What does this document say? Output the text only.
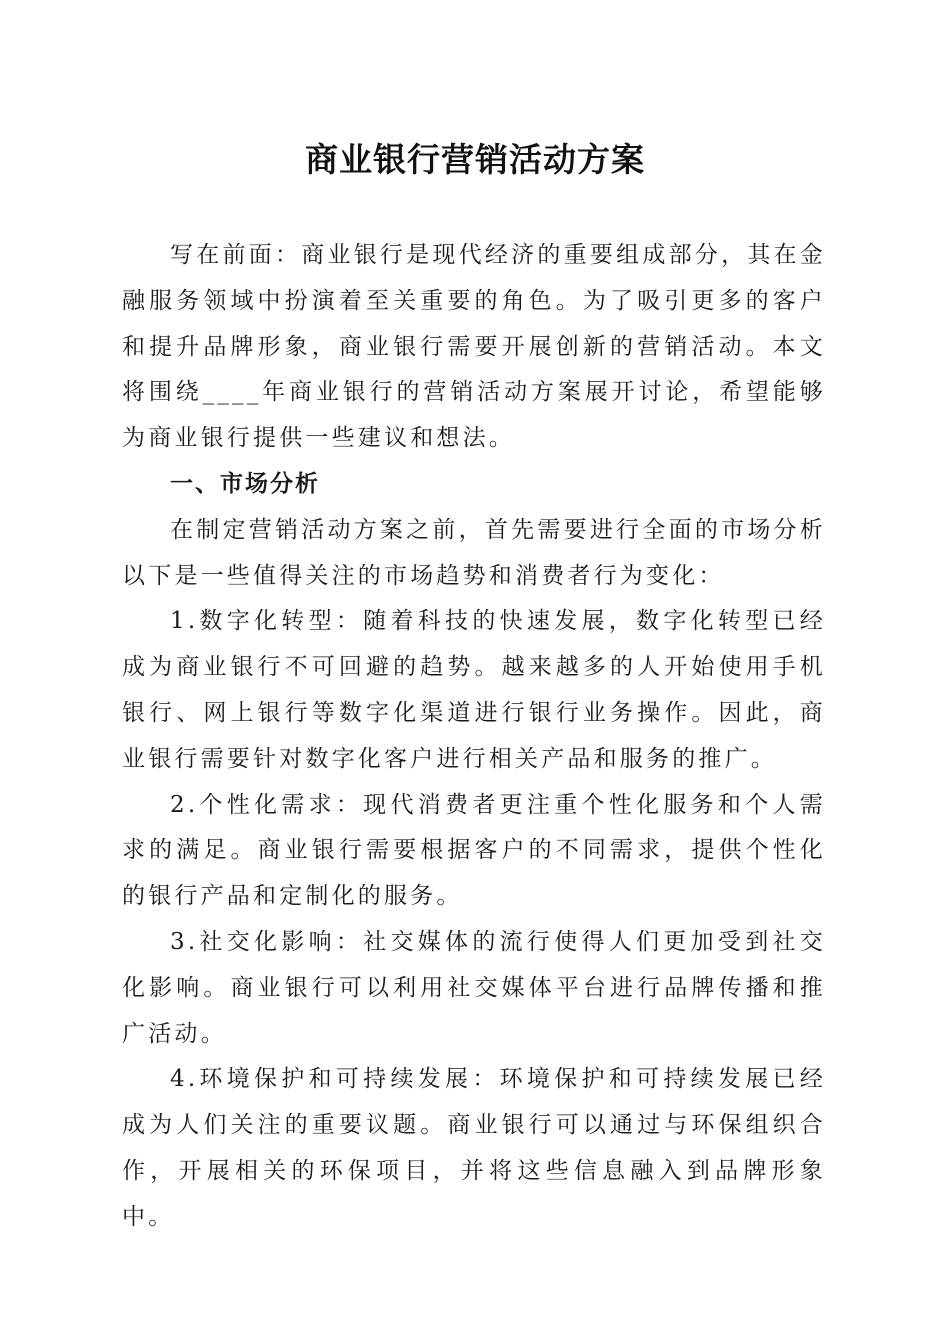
商业银行营销活动方案

写在前面：商业银行是现代经济的重要组成部分，其在金融服务领域中扮演着至关重要的角色。为了吸引更多的客户和提升品牌形象，商业银行需要开展创新的营销活动。本文将围绕____年商业银行的营销活动方案展开讨论，希望能够为商业银行提供一些建议和想法。

一、市场分析

在制定营销活动方案之前，首先需要进行全面的市场分析以下是一些值得关注的市场趋势和消费者行为变化：

1.数字化转型：随着科技的快速发展，数字化转型已经成为商业银行不可回避的趋势。越来越多的人开始使用手机银行、网上银行等数字化渠道进行银行业务操作。因此，商业银行需要针对数字化客户进行相关产品和服务的推广。

2.个性化需求：现代消费者更注重个性化服务和个人需求的满足。商业银行需要根据客户的不同需求，提供个性化的银行产品和定制化的服务。

3.社交化影响：社交媒体的流行使得人们更加受到社交化影响。商业银行可以利用社交媒体平台进行品牌传播和推广活动。

4.环境保护和可持续发展：环境保护和可持续发展已经成为人们关注的重要议题。商业银行可以通过与环保组织合作，开展相关的环保项目，并将这些信息融入到品牌形象中。
